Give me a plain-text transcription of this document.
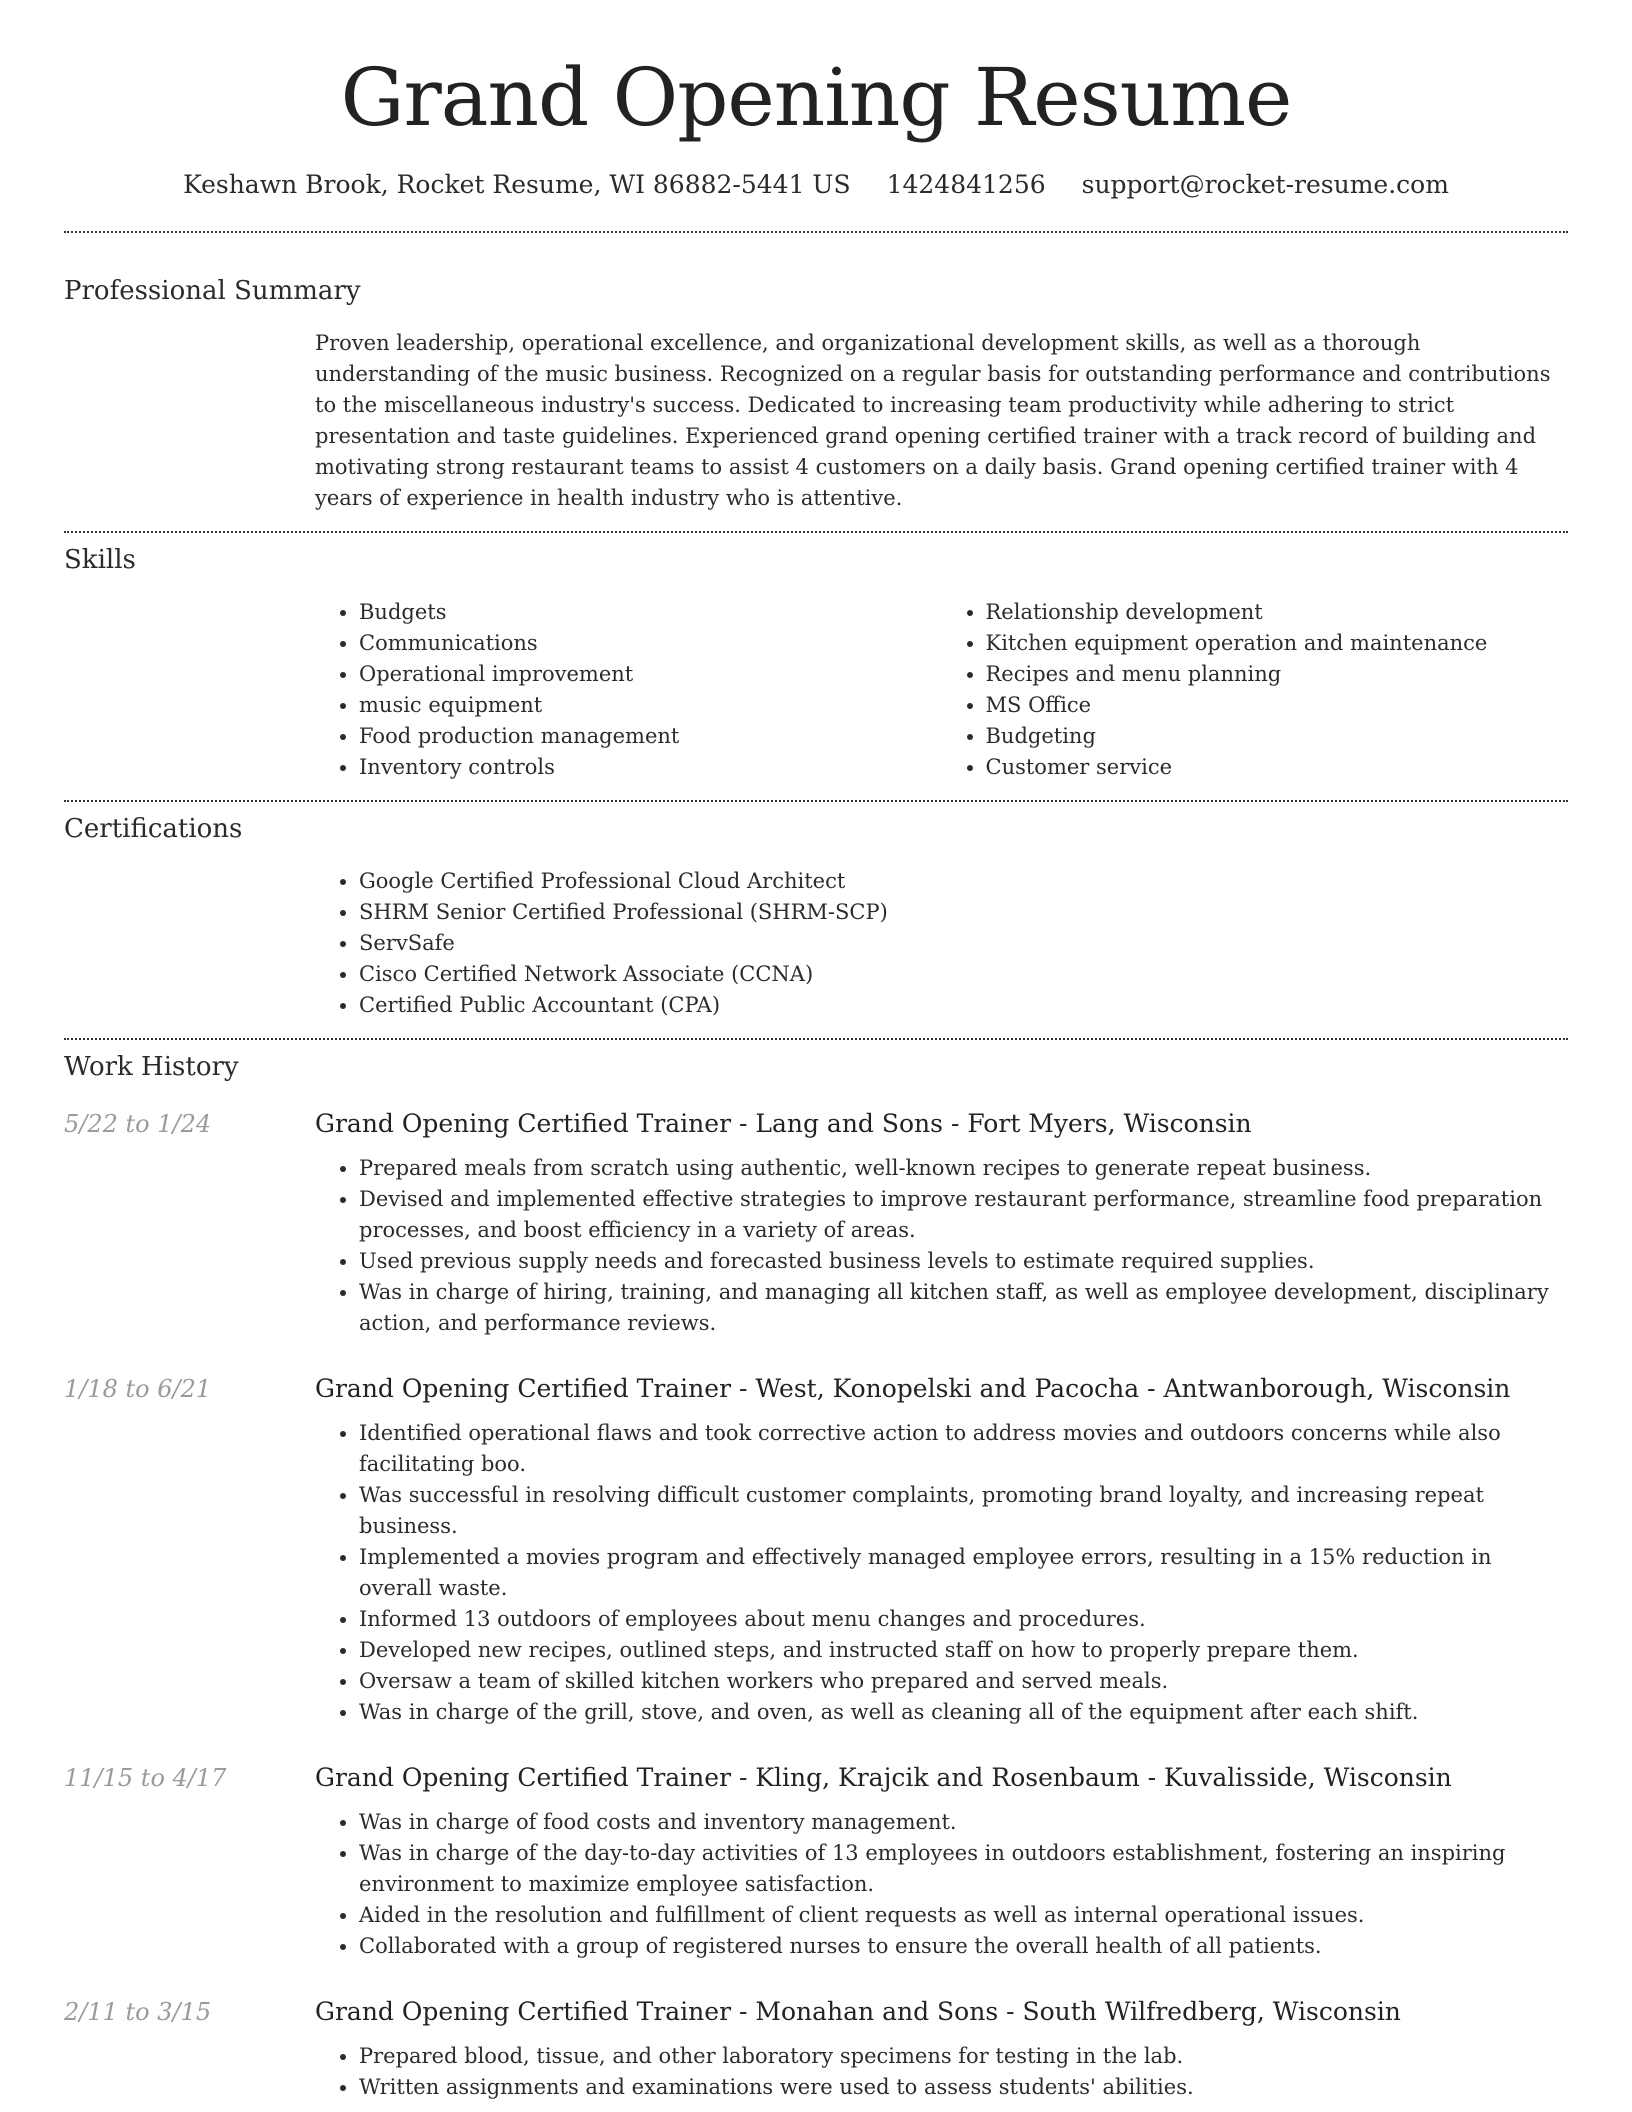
Grand Opening Resume
Keshawn Brook, Rocket Resume, WI 86882-5441 US 1424841256 support@rocket-resume.com
Professional Summary

Proven leadership, operational excellence, and organizational development skills, as well as a thorough understanding of the music business. Recognized on a regular basis for outstanding performance and contributions to the miscellaneous industry's success. Dedicated to increasing team productivity while adhering to strict presentation and taste guidelines. Experienced grand opening certified trainer with a track record of building and motivating strong restaurant teams to assist 4 customers on a daily basis. Grand opening certified trainer with 4 years of experience in health industry who is attentive.

Skills
• Budgets
• Communications
• Operational improvement
• music equipment
• Food production management
• Inventory controls
• Relationship development
• Kitchen equipment operation and maintenance
• Recipes and menu planning
• MS Office
• Budgeting
• Customer service
Certifications
• Google Certified Professional Cloud Architect
• SHRM Senior Certified Professional (SHRM-SCP)
• ServSafe
• Cisco Certified Network Associate (CCNA)
• Certified Public Accountant (CPA)
Work History
5/22 to 1/24	Grand Opening Certified Trainer - Lang and Sons - Fort Myers, Wisconsin
• Prepared meals from scratch using authentic, well-known recipes to generate repeat business.
• Devised and implemented effective strategies to improve restaurant performance, streamline food preparation processes, and boost efficiency in a variety of areas.
• Used previous supply needs and forecasted business levels to estimate required supplies.
• Was in charge of hiring, training, and managing all kitchen staff, as well as employee development, disciplinary action, and performance reviews.
1/18 to 6/21	Grand Opening Certified Trainer - West, Konopelski and Pacocha - Antwanborough, Wisconsin
• Identified operational flaws and took corrective action to address movies and outdoors concerns while also facilitating boo.
• Was successful in resolving difficult customer complaints, promoting brand loyalty, and increasing repeat business.
• Implemented a movies program and effectively managed employee errors, resulting in a 15% reduction in overall waste.
• Informed 13 outdoors of employees about menu changes and procedures.
• Developed new recipes, outlined steps, and instructed staff on how to properly prepare them.
• Oversaw a team of skilled kitchen workers who prepared and served meals.
• Was in charge of the grill, stove, and oven, as well as cleaning all of the equipment after each shift.
11/15 to 4/17	Grand Opening Certified Trainer - Kling, Krajcik and Rosenbaum - Kuvalisside, Wisconsin
• Was in charge of food costs and inventory management.
• Was in charge of the day-to-day activities of 13 employees in outdoors establishment, fostering an inspiring environment to maximize employee satisfaction.
• Aided in the resolution and fulfillment of client requests as well as internal operational issues.
• Collaborated with a group of registered nurses to ensure the overall health of all patients.
2/11 to 3/15	Grand Opening Certified Trainer - Monahan and Sons - South Wilfredberg, Wisconsin
• Prepared blood, tissue, and other laboratory specimens for testing in the lab.
• Written assignments and examinations were used to assess students' abilities.
